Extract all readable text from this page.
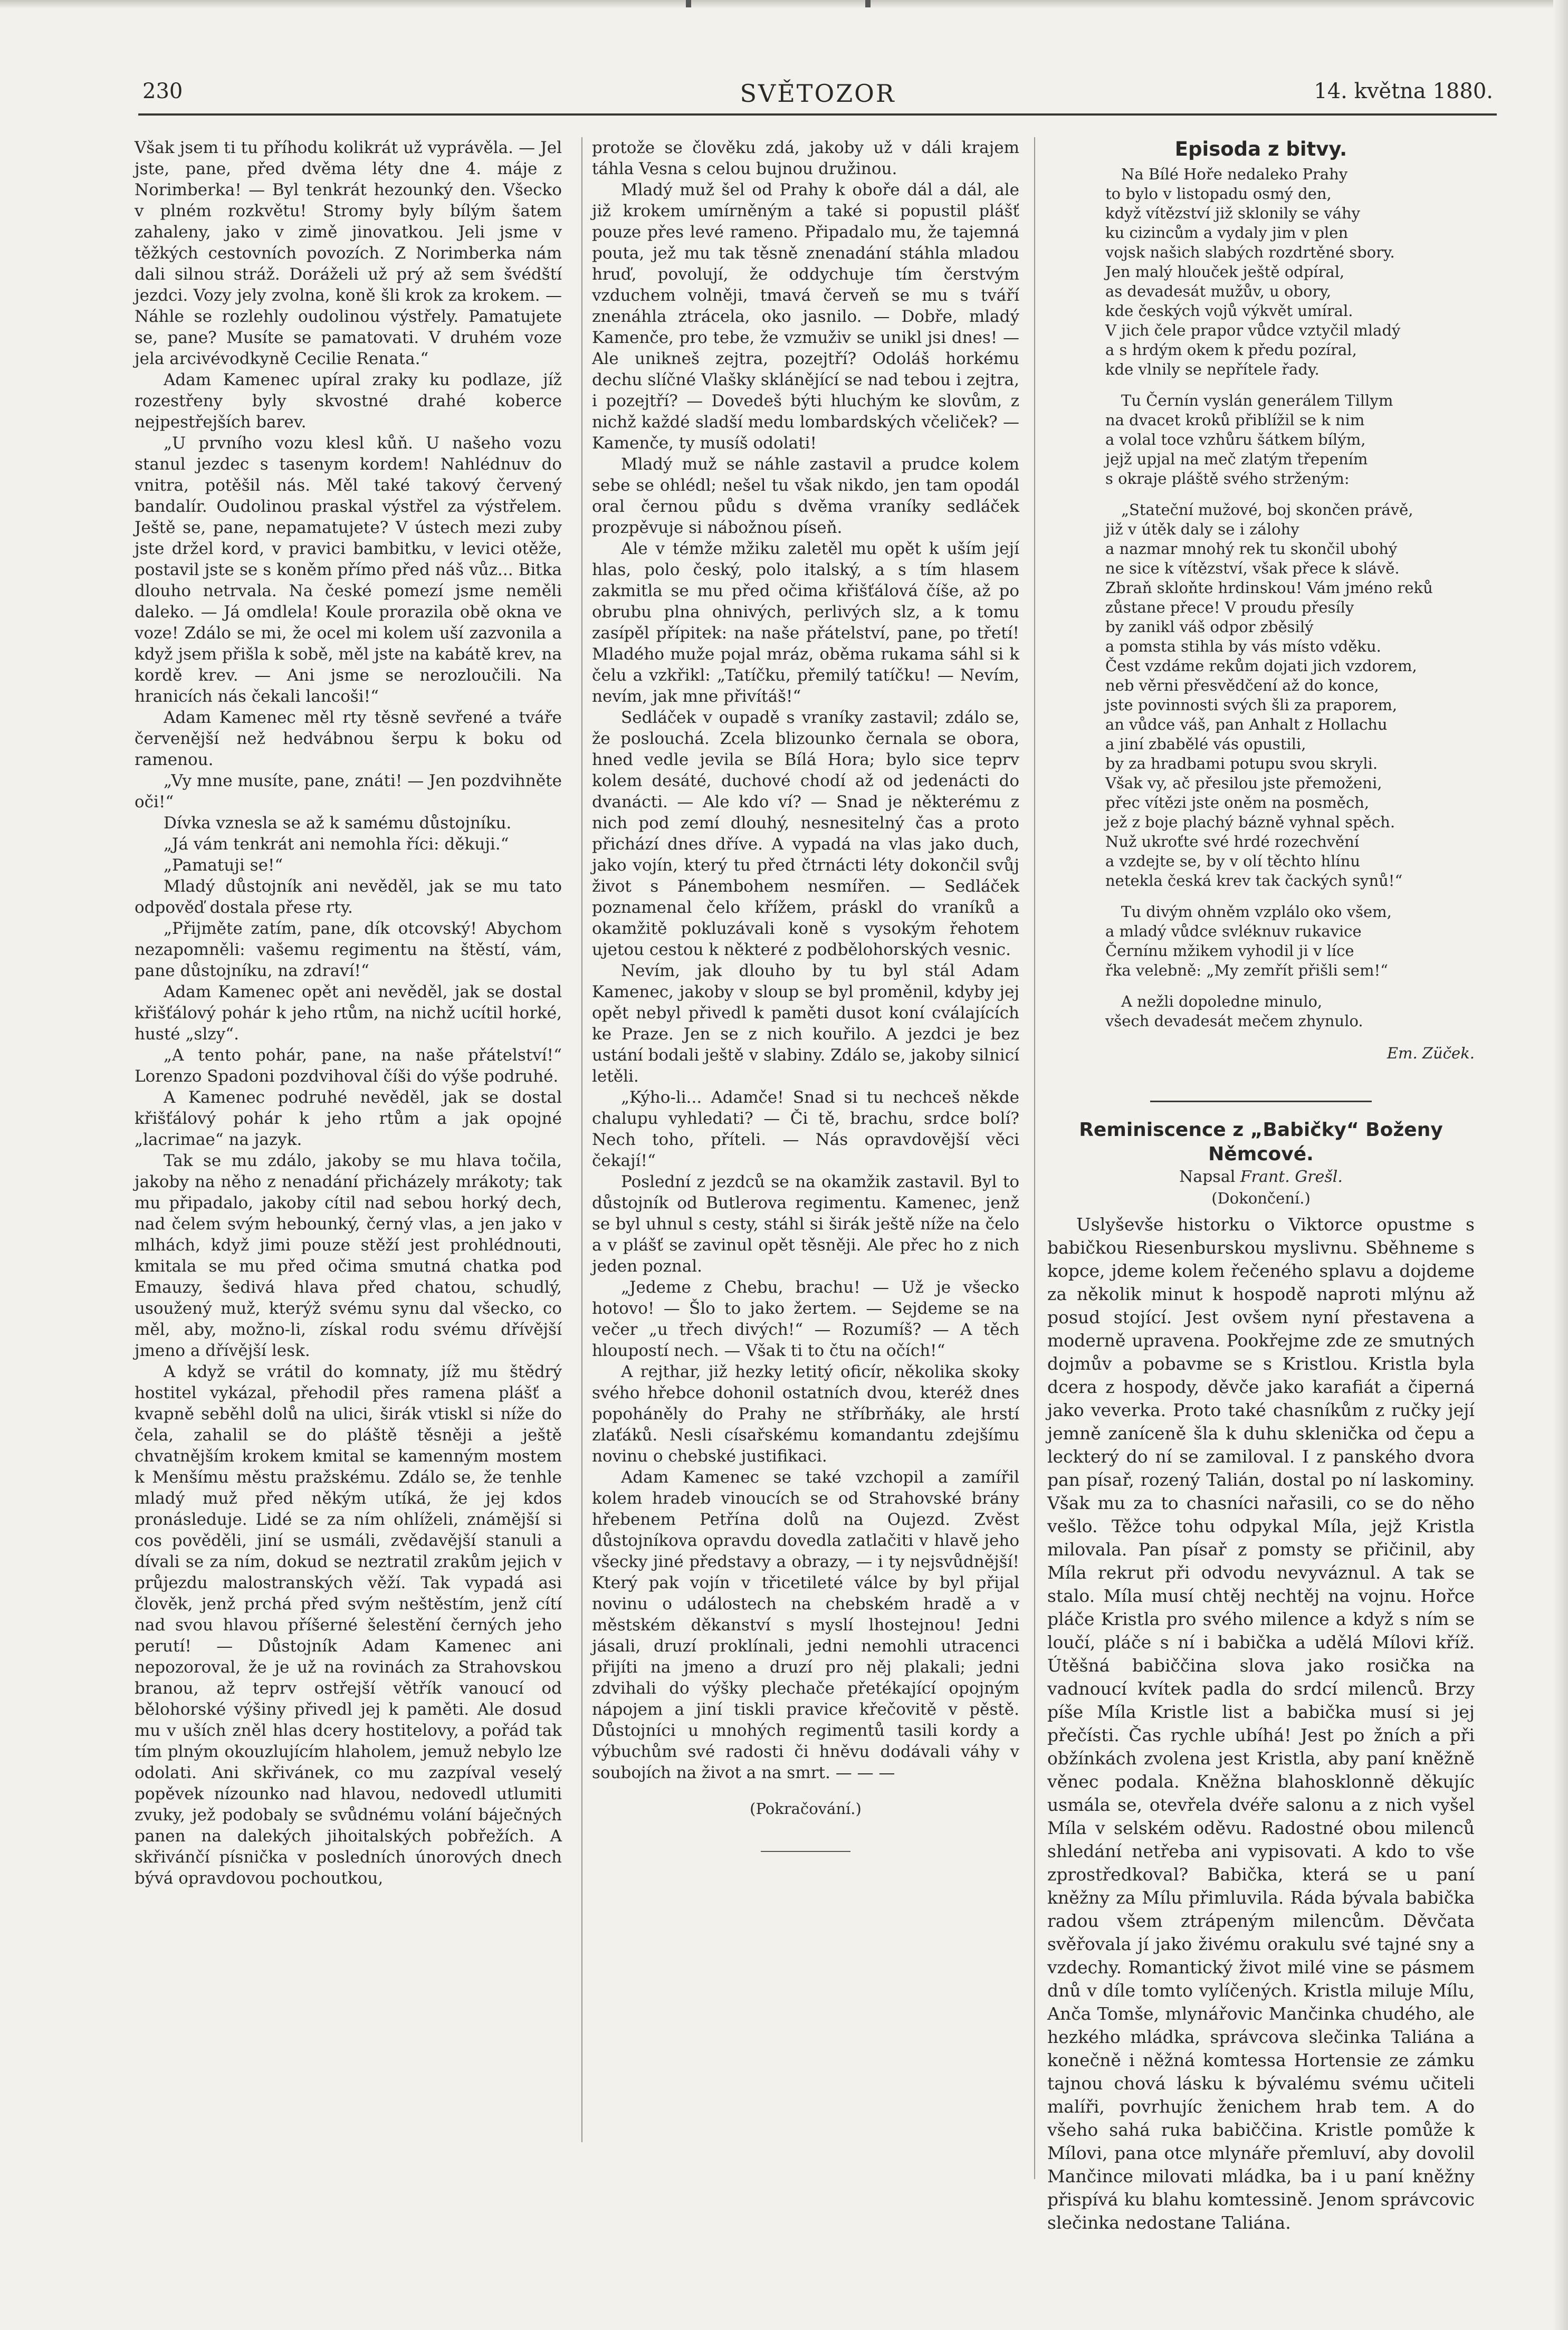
230	SVĚTOZOR	14. května 1880.

Však jsem ti tu příhodu kolikrát už vyprávěla. — Jel jste, pane, před dvěma léty dne 4. máje z Norimberka! — Byl tenkrát hezounký den. Všecko v plném rozkvětu! Stromy byly bílým šatem zahaleny, jako v zimě jinovatkou. Jeli jsme v těžkých cestovních povozích. Z Norimberka nám dali silnou stráž. Doráželi už prý až sem švédští jezdci. Vozy jely zvolna, koně šli krok za krokem. — Náhle se rozlehly oudolinou výstřely. Pamatujete se, pane? Musíte se pamatovati. V druhém voze jela arcivévodkyně Cecilie Renata.“

Adam Kamenec upíral zraky ku podlaze, jíž rozestřeny byly skvostné drahé koberce nejpestřejších barev.

„U prvního vozu klesl kůň. U našeho vozu stanul jezdec s tasenym kordem! Nahlédnuv do vnitra, potěšil nás. Měl také takový červený bandalír. Oudolinou praskal výstřel za výstřelem. Ještě se, pane, nepamatujete? V ústech mezi zuby jste držel kord, v pravici bambitku, v levici otěže, postavil jste se s koněm přímo před náš vůz... Bitka dlouho netrvala. Na české pomezí jsme neměli daleko. — Já omdlela! Koule prorazila obě okna ve voze! Zdálo se mi, že ocel mi kolem uší zazvonila a když jsem přišla k sobě, měl jste na kabátě krev, na kordě krev. — Ani jsme se nerozloučili. Na hranicích nás čekali lancoši!“

Adam Kamenec měl rty těsně sevřené a tváře červenější než hedvábnou šerpu k boku od ramenou.

„Vy mne musíte, pane, znáti! — Jen pozdvihněte oči!“

Dívka vznesla se až k samému důstojníku.

„Já vám tenkrát ani nemohla říci: děkuji.“

„Pamatuji se!“

Mladý důstojník ani nevěděl, jak se mu tato odpověď dostala přese rty.

„Přijměte zatím, pane, dík otcovský! Abychom nezapomněli: vašemu regimentu na štěstí, vám, pane důstojníku, na zdraví!“

Adam Kamenec opět ani nevěděl, jak se dostal křišťálový pohár k jeho rtům, na nichž ucítil horké, husté „slzy“.

„A tento pohár, pane, na naše přátelství!“ Lorenzo Spadoni pozdvihoval číši do výše podruhé.

A Kamenec podruhé nevěděl, jak se dostal křišťálový pohár k jeho rtům a jak opojné „lacrimae“ na jazyk.

Tak se mu zdálo, jakoby se mu hlava točila, jakoby na něho z nenadání přicházely mrákoty; tak mu připadalo, jakoby cítil nad sebou horký dech, nad čelem svým hebounký, černý vlas, a jen jako v mlhách, když jimi pouze stěží jest prohlédnouti, kmitala se mu před očima smutná chatka pod Emauzy, šedivá hlava před chatou, schudlý, usoužený muž, kterýž svému synu dal všecko, co měl, aby, možno-li, získal rodu svému dřívější jmeno a dřívější lesk.

A když se vrátil do komnaty, jíž mu štědrý hostitel vykázal, přehodil přes ramena plášť a kvapně seběhl dolů na ulici, širák vtiskl si níže do čela, zahalil se do pláště těsněji a ještě chvatnějším krokem kmital se kamenným mostem k Menšímu městu pražskému. Zdálo se, že tenhle mladý muž před někým utíká, že jej kdos pronásleduje. Lidé se za ním ohlíželi, známější si cos pověděli, jiní se usmáli, zvědavější stanuli a dívali se za ním, dokud se neztratil zrakům jejich v průjezdu malostranských věží. Tak vypadá asi člověk, jenž prchá před svým neštěstím, jenž cítí nad svou hlavou příšerné šelestění černých jeho perutí! — Důstojník Adam Kamenec ani nepozoroval, že je už na rovinách za Strahovskou branou, až teprv ostřejší větřík vanoucí od bělohorské výšiny přivedl jej k paměti. Ale dosud mu v uších zněl hlas dcery hostitelovy, a pořád tak tím plným okouzlujícím hlaholem, jemuž nebylo lze odolati. Ani skřivánek, co mu zazpíval veselý popěvek nízounko nad hlavou, nedovedl utlumiti zvuky, jež podobaly se svůdnému volání báječných panen na dalekých jihoitalských pobřežích. A skřivánčí písnička v posledních únorových dnech bývá opravdovou pochoutkou,

protože se člověku zdá, jakoby už v dáli krajem táhla Vesna s celou bujnou družinou.

Mladý muž šel od Prahy k obořе dál a dál, ale již krokem umírněným a také si popustil plášť pouze přes levé rameno. Připadalo mu, že tajemná pouta, jež mu tak těsně znenadání stáhla mladou hruď, povolují, že oddychuje tím čerstvým vzduchem volněji, tmavá červeň se mu s tváří znenáhla ztrácela, oko jasnilo. — Dobře, mladý Kamenče, pro tebe, že vzmuživ se unikl jsi dnes! — Ale unikneš zejtra, pozejtří? Odoláš horkému dechu slíčné Vlašky sklánějící se nad tebou i zejtra, i pozejtří? — Dovedeš býti hluchým ke slovům, z nichž každé sladší medu lombardských včeliček? — Kamenče, ty musíš odolati!

Mladý muž se náhle zastavil a prudce kolem sebe se ohlédl; nešel tu však nikdo, jen tam opodál oral černou půdu s dvěma vraníky sedláček prozpěvuje si nábožnou píseň.

Ale v témže mžiku zaletěl mu opět k uším její hlas, polo český, polo italský, a s tím hlasem zakmitla se mu před očima křišťálová číše, až po obrubu plna ohnivých, perlivých slz, a k tomu zasípěl přípitek: na naše přátelství, pane, po třetí! Mladého muže pojal mráz, oběma rukama sáhl si k čelu a vzkřikl: „Tatíčku, přemilý tatíčku! — Nevím, nevím, jak mne přivítáš!“

Sedláček v oupadě s vraníky zastavil; zdálo se, že poslouchá. Zcela blizounko černala se obora, hned vedle jevila se Bílá Hora; bylo sice teprv kolem desáté, duchové chodí až od jedenácti do dvanácti. — Ale kdo ví? — Snad je některému z nich pod zemí dlouhý, nesnesitelný čas a proto přichází dnes dříve. A vypadá na vlas jako duch, jako vojín, který tu před čtrnácti léty dokončil svůj život s Pánembohem nesmířen. — Sedláček poznamenal čelo křížem, práskl do vraníků a okamžitě pokluzávali koně s vysokým řehotem ujetou cestou k některé z podbělohorských vesnic.

Nevím, jak dlouho by tu byl stál Adam Kamenec, jakoby v sloup se byl proměnil, kdyby jej opět nebyl přivedl k paměti dusot koní cválajících ke Praze. Jen se z nich kouřilo. A jezdci je bez ustání bodali ještě v slabiny. Zdálo se, jakoby silnicí letěli.

„Kýho-li... Adamče! Snad si tu nechceš někde chalupu vyhledati? — Či tě, brachu, srdce bolí? Nech toho, příteli. — Nás opravdovější věci čekají!“

Poslední z jezdců se na okamžik zastavil. Byl to důstojník od Butlerova regimentu. Kamenec, jenž se byl uhnul s cesty, stáhl si širák ještě níže na čelo a v plášť se zavinul opět těsněji. Ale přec ho z nich jeden poznal.

„Jedeme z Chebu, brachu! — Už je všecko hotovo! — Šlo to jako žertem. — Sejdeme se na večer „u třech divých!“ — Rozumíš? — A těch hloupostí nech. — Však ti to čtu na očích!“

A rejthar, již hezky letitý oficír, několika skoky svého hřebce dohonil ostatních dvou, kteréž dnes popoháněly do Prahy ne stříbrňáky, ale hrstí zlaťáků. Nesli císařskému komandantu zdejšímu novinu o chebské justifikaci.

Adam Kamenec se také vzchopil a zamířil kolem hradeb vinoucích se od Strahovské brány hřebenem Petřína dolů na Oujezd. Zvěst důstojníkova opravdu dovedla zatlačiti v hlavě jeho všecky jiné představy a obrazy, — i ty nejsvůdnější! Který pak vojín v třicetileté válce by byl přijal novinu o událostech na chebském hradě a v městském děkanství s myslí lhostejnou! Jedni jásali, druzí proklínali, jedni nemohli utracenci přijíti na jmeno a druzí pro něj plakali; jedni zdvihali do výšky plechače přetékající opojným nápojem a jiní tiskli pravice křečovitě v pěstě. Důstojníci u mnohých regimentů tasili kordy a výbuchům své radosti či hněvu dodávali váhy v soubojích na život a na smrt. — — —

(Pokračování.)
Episoda z bitvy.
Na Bílé Hoře nedaleko Prahy
to bylo v listopadu osmý den,
když vítězství již sklonily se váhy
ku cizincům a vydaly jim v plen
vojsk našich slabých rozdrtěné sbory.
Jen malý hlouček ještě odpíral,
as devadesát mužův, u obory,
kde českých vojů výkvět umíral.
V jich čele prapor vůdce vztyčil mladý
a s hrdým okem k předu pozíral,
kde vlnily se nepřítele řady.
Tu Černín vyslán generálem Tillym
na dvacet kroků přiblížil se k nim
a volal toce vzhůru šátkem bílým,
jejž upjal na meč zlatým třepením
s okraje pláště svého strženým:
„Stateční mužové, boj skončen právě,
již v útěk daly se i zálohy
a nazmar mnohý rek tu skončil ubohý
ne sice k vítězství, však přece k slávě.
Zbraň skloňte hrdinskou! Vám jméno reků
zůstane přece! V proudu přesíly
by zanikl váš odpor zběsilý
a pomsta stihla by vás místo vděku.
Čest vzdáme rekům dojati jich vzdorem,
neb věrni přesvědčení až do konce,
jste povinnosti svých šli za praporem,
an vůdce váš, pan Anhalt z Hollachu
a jiní zbabělé vás opustili,
by za hradbami potupu svou skryli.
Však vy, ač přesilou jste přemoženi,
přec vítězi jste oněm na posměch,
jež z boje plachý bázně vyhnal spěch.
Nuž ukroťte své hrdé rozechvění
a vzdejte se, by v olí těchto hlínu
netekla česká krev tak čackých synů!“
Tu divým ohněm vzplálo oko všem,
a mladý vůdce svléknuv rukavice
Černínu mžikem vyhodil ji v líce
řka velebně: „My zemřít přišli sem!“
A nežli dopoledne minulo,
všech devadesát mečem zhynulo.
Em. Züček.
Reminiscence z „Babičky“ Boženy Němcové.
Napsal Frant. Grešl.
(Dokončení.)

Uslyševše historku o Viktorce opustme s babičkou Riesenburskou myslivnu. Sběhneme s kopce, jdeme kolem řečeného splavu a dojdeme za několik minut k hospodě naproti mlýnu až posud stojící. Jest ovšem nyní přestavena a moderně upravena. Pookřejme zde ze smutných dojmův a pobavme se s Kristlou. Kristla byla dcera z hospody, děvče jako karafiát a čiperná jako veverka. Proto také chasníkům z ručky její jemně zaníceně šla k duhu sklenička od čepu a leckterý do ní se zamiloval. I z panského dvora pan písař, rozený Talián, dostal po ní laskominy. Však mu za to chasníci nařasili, co se do něho vešlo. Těžce tohu odpykal Míla, jejž Kristla milovala. Pan písař z pomsty se přičinil, aby Míla rekrut při odvodu nevyváznul. A tak se stalo. Míla musí chtěj nechtěj na vojnu. Hořce pláče Kristla pro svého milence a když s ním se loučí, pláče s ní i babička a udělá Mílovi kříž. Útěšná babiččina slova jako rosička na vadnoucí kvítek padla do srdcí milenců. Brzy píše Míla Kristle list a babička musí si jej přečísti. Čas rychle ubíhá! Jest po žních a při obžínkách zvolena jest Kristla, aby paní kněžně věnec podala. Kněžna blahosklonně děkujíc usmála se, otevřela dvéře salonu a z nich vyšel Míla v selském oděvu. Radostné obou milenců shledání netřeba ani vypisovati. A kdo to vše zprostředkoval? Babička, která se u paní kněžny za Mílu přimluvila. Ráda bývala babička radou všem ztrápeným milencům. Děvčata svěřovala jí jako živému orakulu své tajné sny a vzdechy. Romantický život milé vine se pásmem dnů v díle tomto vylíčených. Kristla miluje Mílu, Anča Tomše, mlynářovic Mančinka chudého, ale hezkého mládka, správcova slečinka Taliána a konečně i něžná komtessa Hortensie ze zámku tajnou chová lásku k bývalému svému učiteli malíři, povrhujíc ženichem hrab tem. A do všeho sahá ruka babiččina. Kristle pomůže k Mílovi, pana otce mlynáře přemluví, aby dovolil Mančince milovati mládka, ba i u paní kněžny přispívá ku blahu komtessině. Jenom správcovic slečinka nedostane Taliána.
